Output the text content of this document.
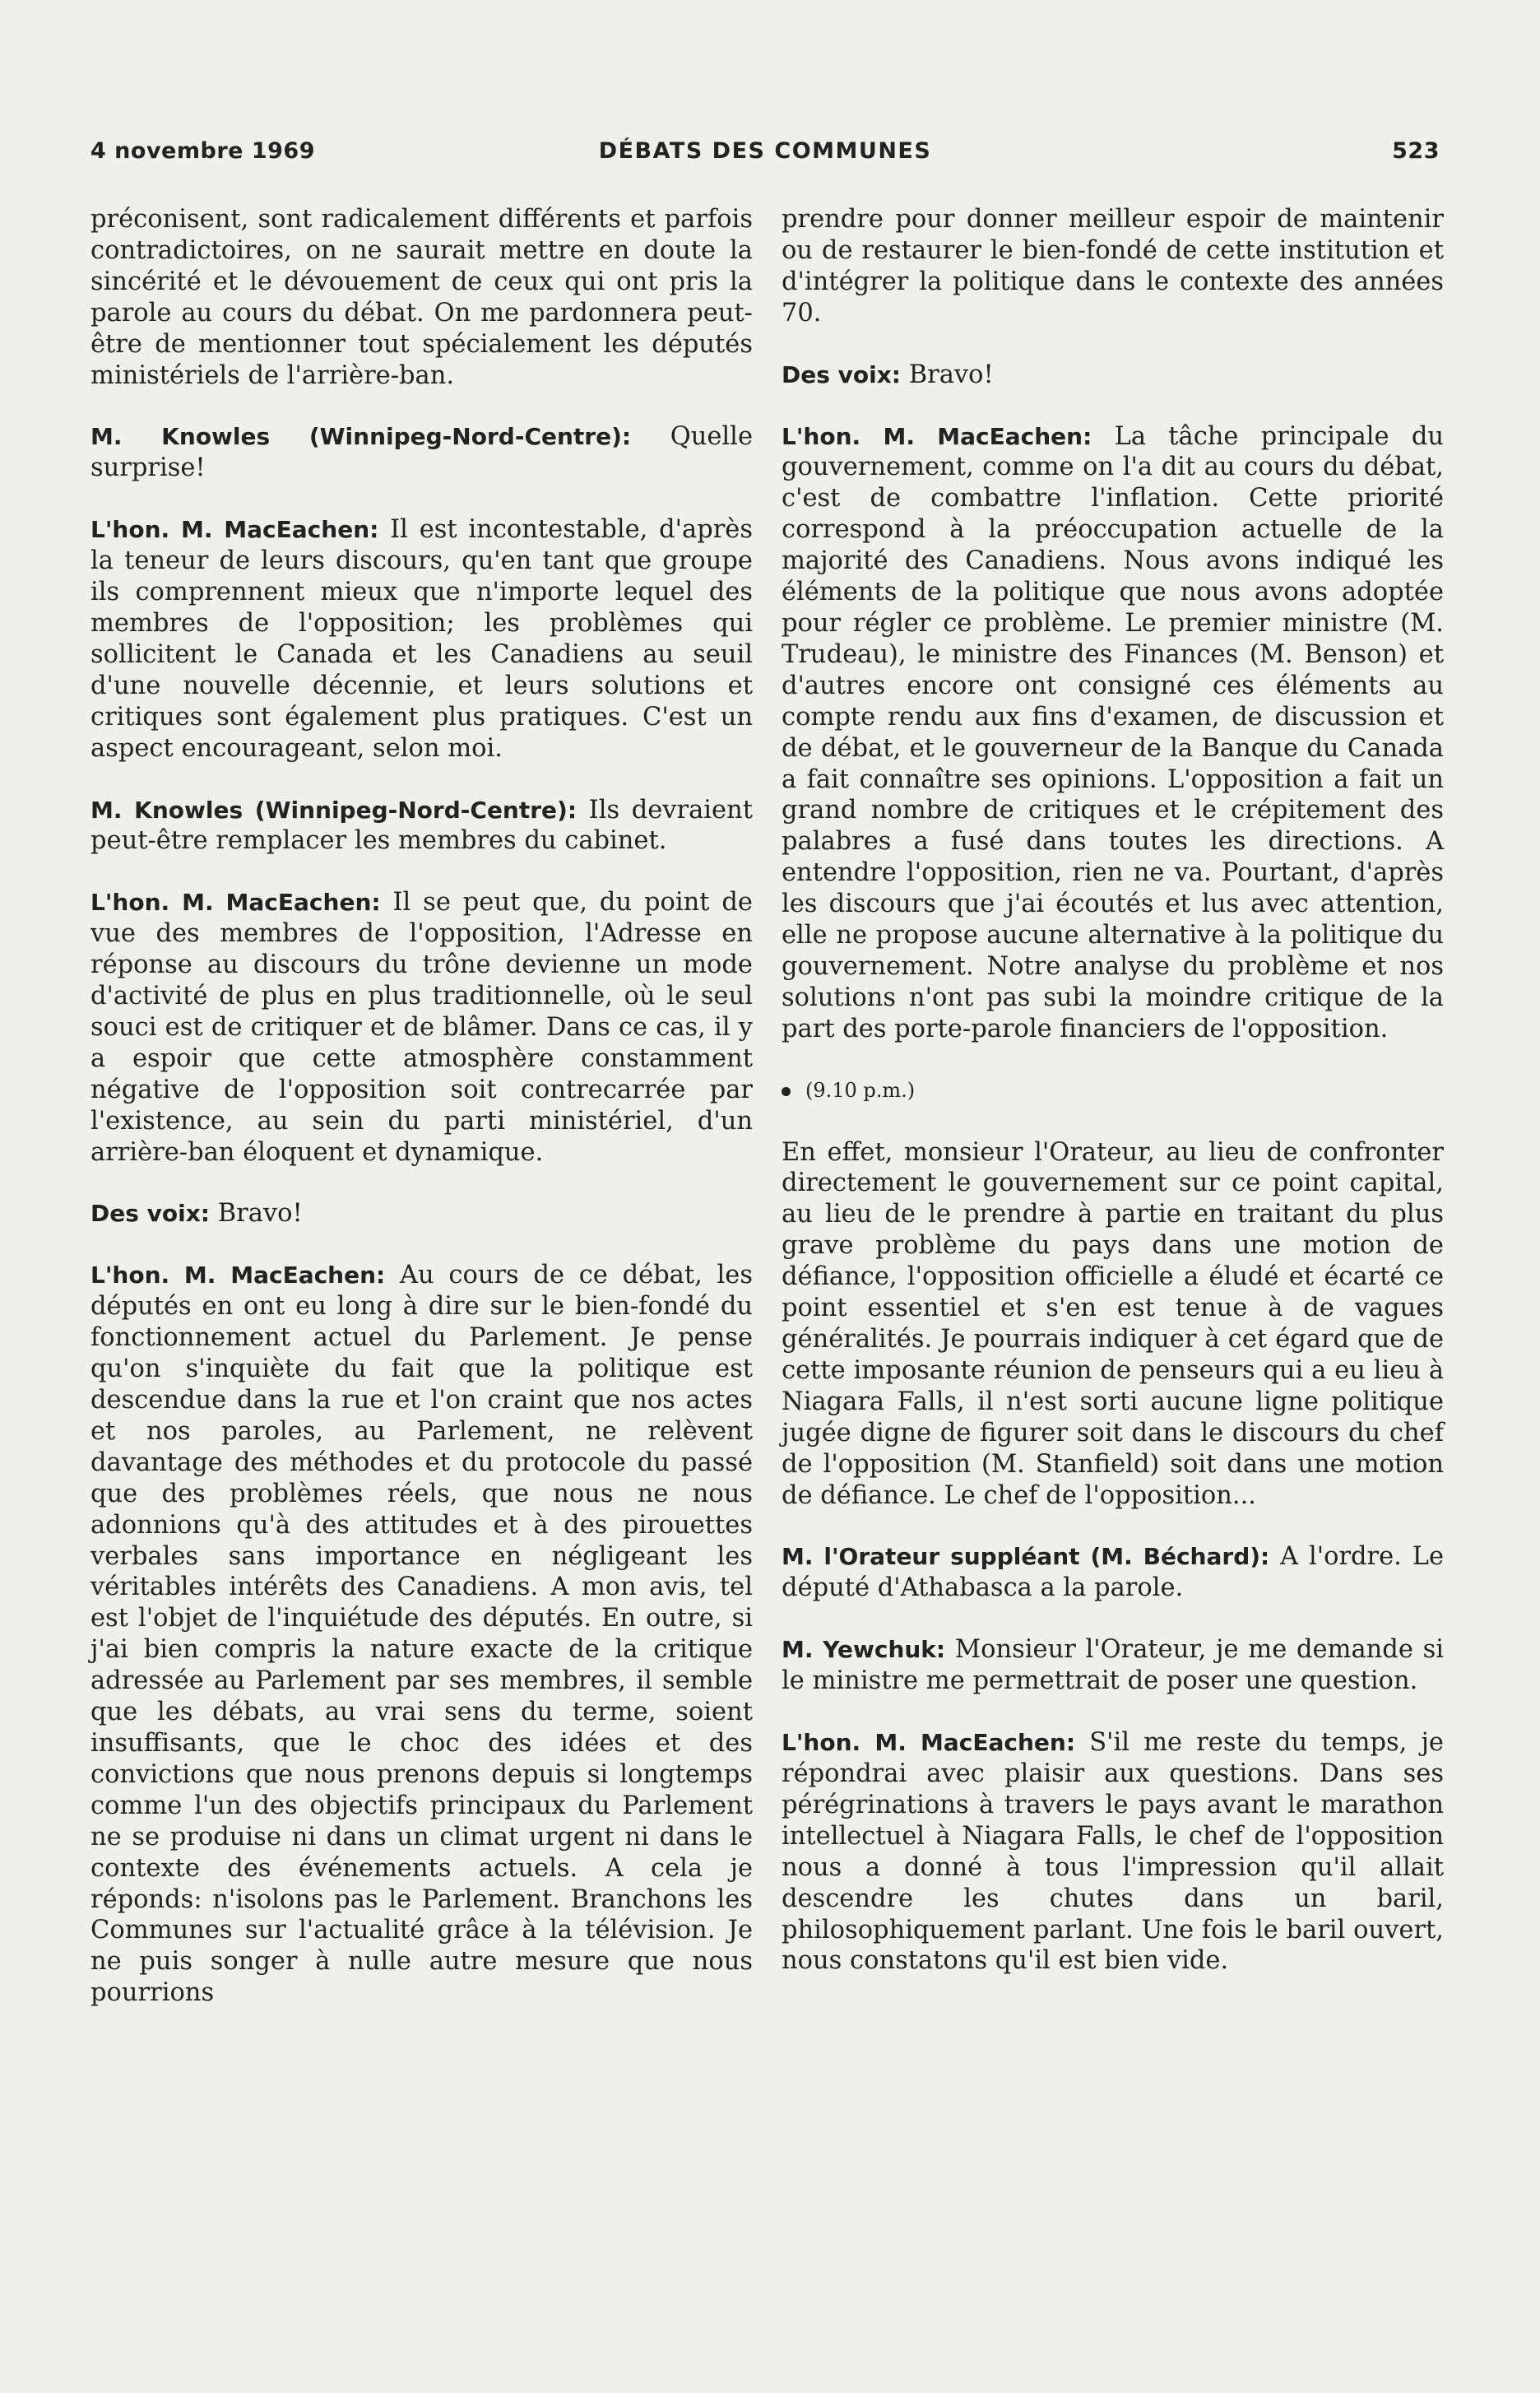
4 novembre 1969	DÉBATS DES COMMUNES	523

préconisent, sont radicalement différents et parfois contradictoires, on ne saurait mettre en doute la sincérité et le dévouement de ceux qui ont pris la parole au cours du débat. On me pardonnera peut-être de mentionner tout spécialement les députés ministériels de l'arrière-ban.

M. Knowles (Winnipeg-Nord-Centre): Quelle surprise!

L'hon. M. MacEachen: Il est incontestable, d'après la teneur de leurs discours, qu'en tant que groupe ils comprennent mieux que n'importe lequel des membres de l'opposition; les problèmes qui sollicitent le Canada et les Canadiens au seuil d'une nouvelle décennie, et leurs solutions et critiques sont également plus pratiques. C'est un aspect encourageant, selon moi.

M. Knowles (Winnipeg-Nord-Centre): Ils devraient peut-être remplacer les membres du cabinet.

L'hon. M. MacEachen: Il se peut que, du point de vue des membres de l'opposition, l'Adresse en réponse au discours du trône devienne un mode d'activité de plus en plus traditionnelle, où le seul souci est de critiquer et de blâmer. Dans ce cas, il y a espoir que cette atmosphère constamment négative de l'opposition soit contrecarrée par l'existence, au sein du parti ministériel, d'un arrière-ban éloquent et dynamique.

Des voix: Bravo!

L'hon. M. MacEachen: Au cours de ce débat, les députés en ont eu long à dire sur le bien-fondé du fonctionnement actuel du Parlement. Je pense qu'on s'inquiète du fait que la politique est descendue dans la rue et l'on craint que nos actes et nos paroles, au Parlement, ne relèvent davantage des méthodes et du protocole du passé que des problèmes réels, que nous ne nous adonnions qu'à des attitudes et à des pirouettes verbales sans importance en négligeant les véritables intérêts des Canadiens. A mon avis, tel est l'objet de l'inquiétude des députés. En outre, si j'ai bien compris la nature exacte de la critique adressée au Parlement par ses membres, il semble que les débats, au vrai sens du terme, soient insuffisants, que le choc des idées et des convictions que nous prenons depuis si longtemps comme l'un des objectifs principaux du Parlement ne se produise ni dans un climat urgent ni dans le contexte des événements actuels. A cela je réponds: n'isolons pas le Parlement. Branchons les Communes sur l'actualité grâce à la télévision. Je ne puis songer à nulle autre mesure que nous pourrions

prendre pour donner meilleur espoir de maintenir ou de restaurer le bien-fondé de cette institution et d'intégrer la politique dans le contexte des années 70.

Des voix: Bravo!

L'hon. M. MacEachen: La tâche principale du gouvernement, comme on l'a dit au cours du débat, c'est de combattre l'inflation. Cette priorité correspond à la préoccupation actuelle de la majorité des Canadiens. Nous avons indiqué les éléments de la politique que nous avons adoptée pour régler ce problème. Le premier ministre (M. Trudeau), le ministre des Finances (M. Benson) et d'autres encore ont consigné ces éléments au compte rendu aux fins d'examen, de discussion et de débat, et le gouverneur de la Banque du Canada a fait connaître ses opinions. L'opposition a fait un grand nombre de critiques et le crépitement des palabres a fusé dans toutes les directions. A entendre l'opposition, rien ne va. Pourtant, d'après les discours que j'ai écoutés et lus avec attention, elle ne propose aucune alternative à la politique du gouvernement. Notre analyse du problème et nos solutions n'ont pas subi la moindre critique de la part des porte-parole financiers de l'opposition.

(9.10 p.m.)

En effet, monsieur l'Orateur, au lieu de confronter directement le gouvernement sur ce point capital, au lieu de le prendre à partie en traitant du plus grave problème du pays dans une motion de défiance, l'opposition officielle a éludé et écarté ce point essentiel et s'en est tenue à de vagues généralités. Je pourrais indiquer à cet égard que de cette imposante réunion de penseurs qui a eu lieu à Niagara Falls, il n'est sorti aucune ligne politique jugée digne de figurer soit dans le discours du chef de l'opposition (M. Stanfield) soit dans une motion de défiance. Le chef de l'opposition...

M. l'Orateur suppléant (M. Béchard): A l'ordre. Le député d'Athabasca a la parole.

M. Yewchuk: Monsieur l'Orateur, je me demande si le ministre me permettrait de poser une question.

L'hon. M. MacEachen: S'il me reste du temps, je répondrai avec plaisir aux questions. Dans ses pérégrinations à travers le pays avant le marathon intellectuel à Niagara Falls, le chef de l'opposition nous a donné à tous l'impression qu'il allait descendre les chutes dans un baril, philosophiquement parlant. Une fois le baril ouvert, nous constatons qu'il est bien vide.
